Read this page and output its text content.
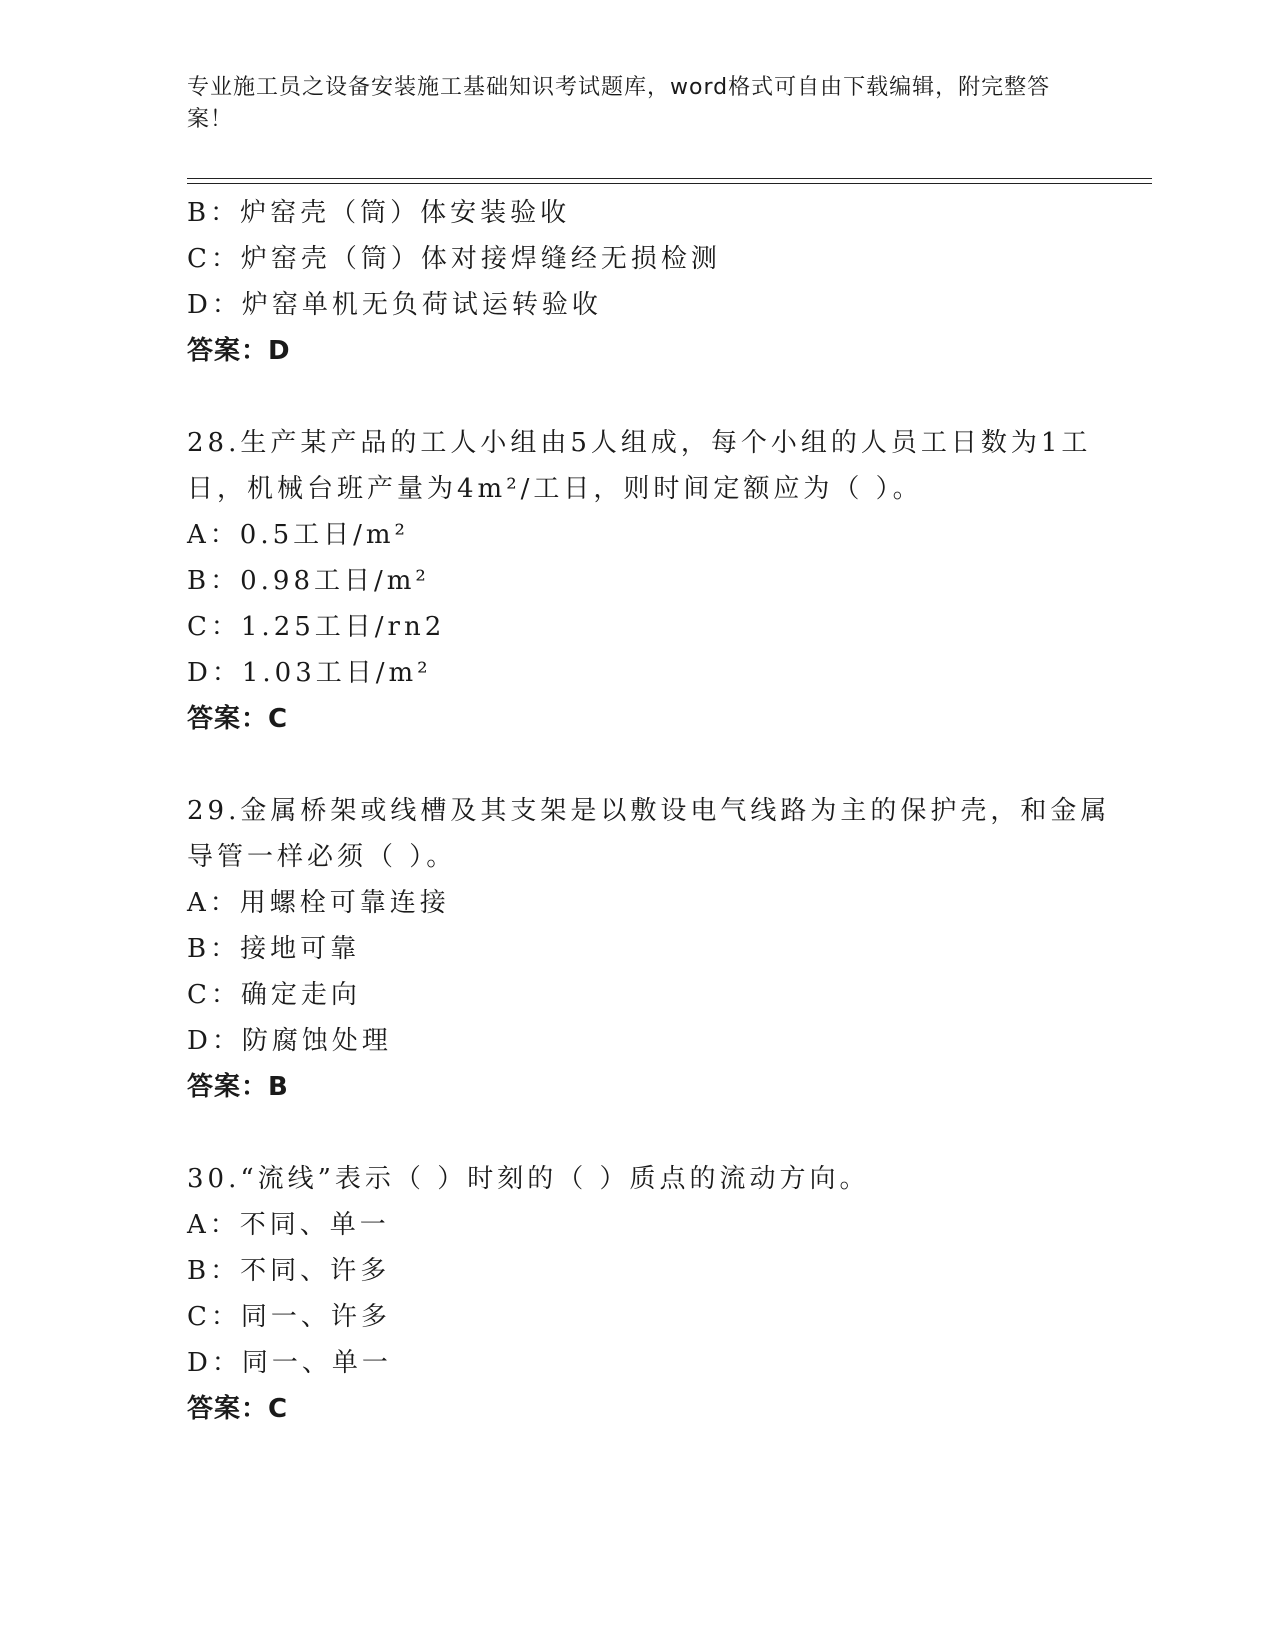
专业施工员之设备安装施工基础知识考试题库，word格式可自由下载编辑，附完整答案！
B：炉窑壳（筒）体安装验收
C：炉窑壳（筒）体对接焊缝经无损检测
D：炉窑单机无负荷试运转验收
答案：D
28.生产某产品的工人小组由5人组成，每个小组的人员工日数为1工
日，机械台班产量为4m²/工日，则时间定额应为（ ）。
A：0.5工日/m²
B：0.98工日/m²
C：1.25工日/rn2
D：1.03工日/m²
答案：C
29.金属桥架或线槽及其支架是以敷设电气线路为主的保护壳，和金属
导管一样必须（ ）。
A：用螺栓可靠连接
B：接地可靠
C：确定走向
D：防腐蚀处理
答案：B
30.“流线”表示（ ）时刻的（ ）质点的流动方向。
A：不同、单一
B：不同、许多
C：同一、许多
D：同一、单一
答案：C
